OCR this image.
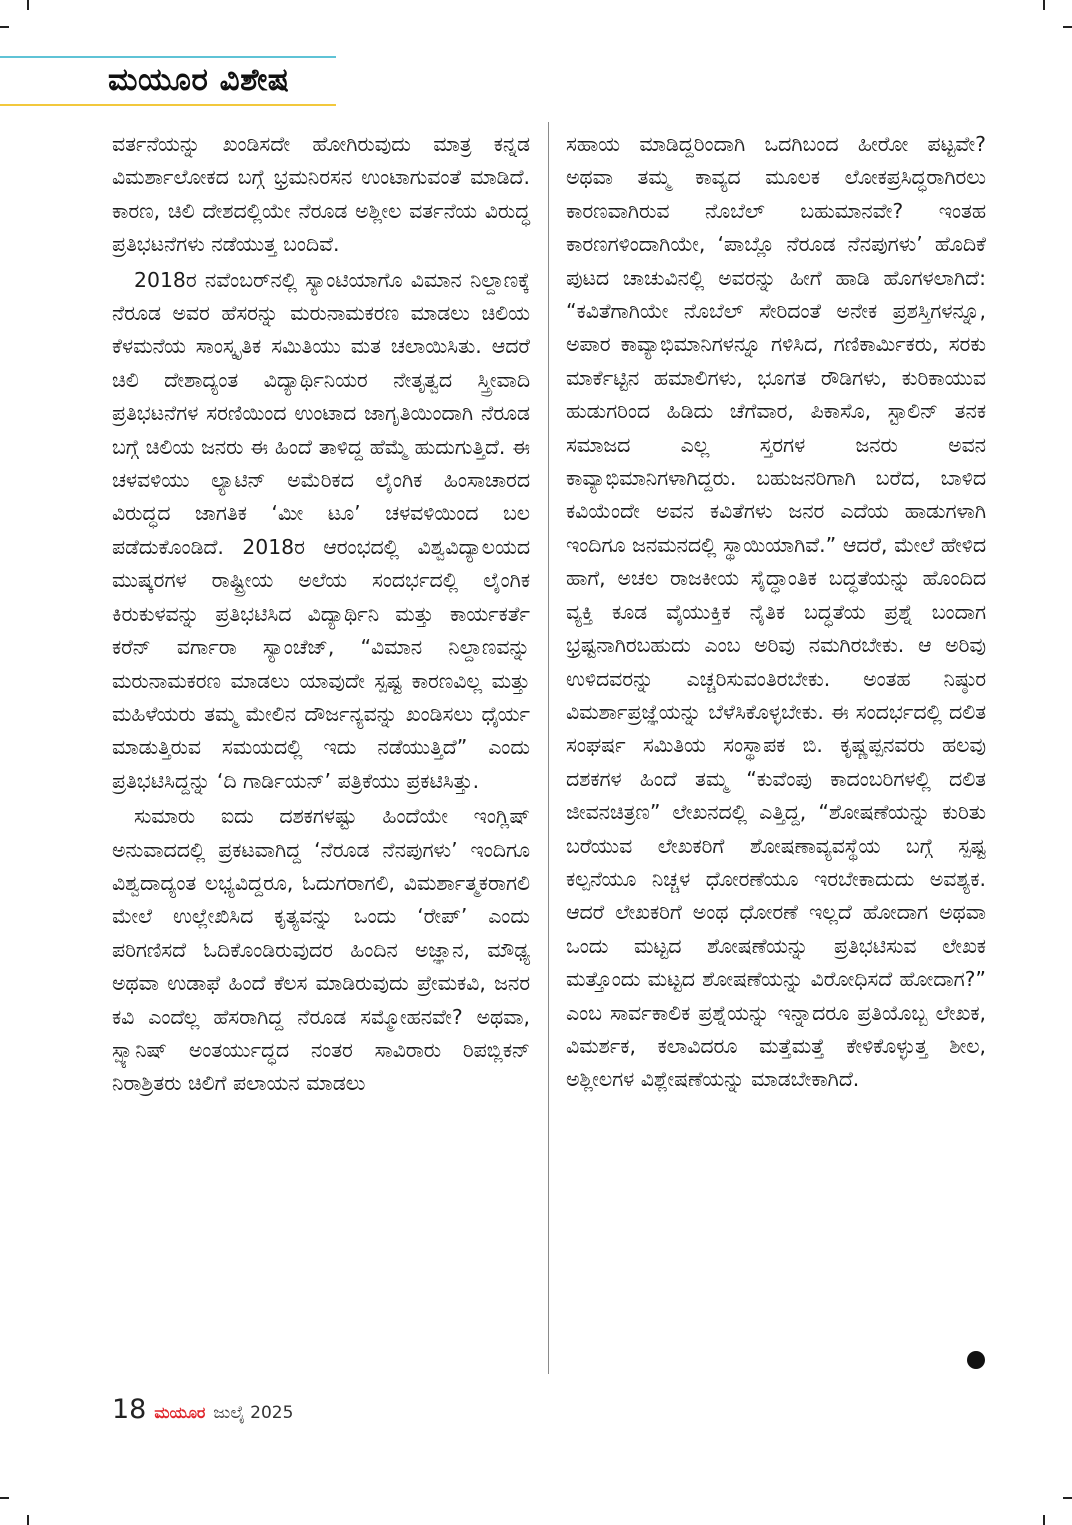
ಮಯೂರ ವಿಶೇಷ

ವರ್ತನೆಯನ್ನು ಖಂಡಿಸದೇ ಹೋಗಿರುವುದು ಮಾತ್ರ ಕನ್ನಡ ವಿಮರ್ಶಾಲೋಕದ ಬಗ್ಗೆ ಭ್ರಮನಿರಸನ ಉಂಟಾಗುವಂತೆ ಮಾಡಿದೆ. ಕಾರಣ, ಚಿಲಿ ದೇಶದಲ್ಲಿಯೇ ನೆರೂಡ ಅಶ್ಲೀಲ ವರ್ತನೆಯ ವಿರುದ್ಧ ಪ್ರತಿಭಟನೆಗಳು ನಡೆಯುತ್ತ ಬಂದಿವೆ.

2018ರ ನವೆಂಬರ್‌ನಲ್ಲಿ ಸ್ಯಾಂಟಿಯಾಗೊ ವಿಮಾನ ನಿಲ್ದಾಣಕ್ಕೆ ನೆರೂಡ ಅವರ ಹೆಸರನ್ನು ಮರುನಾಮಕರಣ ಮಾಡಲು ಚಿಲಿಯ ಕೆಳಮನೆಯ ಸಾಂಸ್ಕೃತಿಕ ಸಮಿತಿಯು ಮತ ಚಲಾಯಿಸಿತು. ಆದರೆ ಚಿಲಿ ದೇಶಾದ್ಯಂತ ವಿದ್ಯಾರ್ಥಿನಿಯರ ನೇತೃತ್ವದ ಸ್ತ್ರೀವಾದಿ ಪ್ರತಿಭಟನೆಗಳ ಸರಣಿಯಿಂದ ಉಂಟಾದ ಜಾಗೃತಿಯಿಂದಾಗಿ ನೆರೂಡ ಬಗ್ಗೆ ಚಿಲಿಯ ಜನರು ಈ ಹಿಂದೆ ತಾಳಿದ್ದ ಹೆಮ್ಮೆ ಹುದುಗುತ್ತಿದೆ. ಈ ಚಳವಳಿಯು ಲ್ಯಾಟಿನ್ ಅಮೆರಿಕದ ಲೈಂಗಿಕ ಹಿಂಸಾಚಾರದ ವಿರುದ್ಧದ ಜಾಗತಿಕ ‘ಮೀ ಟೂ’ ಚಳವಳಿಯಿಂದ ಬಲ ಪಡೆದುಕೊಂಡಿದೆ. 2018ರ ಆರಂಭದಲ್ಲಿ ವಿಶ್ವವಿದ್ಯಾಲಯದ ಮುಷ್ಕರಗಳ ರಾಷ್ಟ್ರೀಯ ಅಲೆಯ ಸಂದರ್ಭದಲ್ಲಿ ಲೈಂಗಿಕ ಕಿರುಕುಳವನ್ನು ಪ್ರತಿಭಟಿಸಿದ ವಿದ್ಯಾರ್ಥಿನಿ ಮತ್ತು ಕಾರ್ಯಕರ್ತೆ ಕರೆನ್ ವರ್ಗಾರಾ ಸ್ಯಾಂಚೆಜ್, “ವಿಮಾನ ನಿಲ್ದಾಣವನ್ನು ಮರುನಾಮಕರಣ ಮಾಡಲು ಯಾವುದೇ ಸ್ಪಷ್ಟ ಕಾರಣವಿಲ್ಲ ಮತ್ತು ಮಹಿಳೆಯರು ತಮ್ಮ ಮೇಲಿನ ದೌರ್ಜನ್ಯವನ್ನು ಖಂಡಿಸಲು ಧೈರ್ಯ ಮಾಡುತ್ತಿರುವ ಸಮಯದಲ್ಲಿ ಇದು ನಡೆಯುತ್ತಿದೆ” ಎಂದು ಪ್ರತಿಭಟಿಸಿದ್ದನ್ನು ‘ದಿ ಗಾರ್ಡಿಯನ್’ ಪತ್ರಿಕೆಯು ಪ್ರಕಟಿಸಿತ್ತು.

ಸುಮಾರು ಐದು ದಶಕಗಳಷ್ಟು ಹಿಂದೆಯೇ ಇಂಗ್ಲಿಷ್ ಅನುವಾದದಲ್ಲಿ ಪ್ರಕಟವಾಗಿದ್ದ ‘ನೆರೂಡ ನೆನಪುಗಳು’ ಇಂದಿಗೂ ವಿಶ್ವದಾದ್ಯಂತ ಲಭ್ಯವಿದ್ದರೂ, ಓದುಗರಾಗಲಿ, ವಿಮರ್ಶಾತ್ಮಕರಾಗಲಿ ಮೇಲೆ ಉಲ್ಲೇಖಿಸಿದ ಕೃತ್ಯವನ್ನು ಒಂದು ‘ರೇಪ್’ ಎಂದು ಪರಿಗಣಿಸದೆ ಓದಿಕೊಂಡಿರುವುದರ ಹಿಂದಿನ ಅಜ್ಞಾನ, ಮೌಢ್ಯ ಅಥವಾ ಉಡಾಫೆ ಹಿಂದೆ ಕೆಲಸ ಮಾಡಿರುವುದು ಪ್ರೇಮಕವಿ, ಜನರ ಕವಿ ಎಂದೆಲ್ಲ ಹೆಸರಾಗಿದ್ದ ನೆರೂಡ ಸಮ್ಮೋಹನವೇ? ಅಥವಾ, ಸ್ಪ್ಯಾನಿಷ್ ಅಂತರ್ಯುದ್ಧದ ನಂತರ ಸಾವಿರಾರು ರಿಪಬ್ಲಿಕನ್ ನಿರಾಶ್ರಿತರು ಚಿಲಿಗೆ ಪಲಾಯನ ಮಾಡಲು

ಸಹಾಯ ಮಾಡಿದ್ದರಿಂದಾಗಿ ಒದಗಿಬಂದ ಹೀರೋ ಪಟ್ಟವೇ? ಅಥವಾ ತಮ್ಮ ಕಾವ್ಯದ ಮೂಲಕ ಲೋಕಪ್ರಸಿದ್ಧರಾಗಿರಲು ಕಾರಣವಾಗಿರುವ ನೊಬೆಲ್ ಬಹುಮಾನವೇ? ಇಂತಹ ಕಾರಣಗಳಿಂದಾಗಿಯೇ, ‘ಪಾಬ್ಲೊ ನೆರೂಡ ನೆನಪುಗಳು’ ಹೊದಿಕೆ ಪುಟದ ಚಾಚುವಿನಲ್ಲಿ ಅವರನ್ನು ಹೀಗೆ ಹಾಡಿ ಹೊಗಳಲಾಗಿದೆ: “ಕವಿತೆಗಾಗಿಯೇ ನೊಬೆಲ್ ಸೇರಿದಂತೆ ಅನೇಕ ಪ್ರಶಸ್ತಿಗಳನ್ನೂ, ಅಪಾರ ಕಾವ್ಯಾಭಿಮಾನಿಗಳನ್ನೂ ಗಳಿಸಿದ, ಗಣಿಕಾರ್ಮಿಕರು, ಸರಕು ಮಾರ್ಕೆಟ್ಟಿನ ಹಮಾಲಿಗಳು, ಭೂಗತ ರೌಡಿಗಳು, ಕುರಿಕಾಯುವ ಹುಡುಗರಿಂದ ಹಿಡಿದು ಚೆಗೆವಾರ, ಪಿಕಾಸೊ, ಸ್ಟಾಲಿನ್ ತನಕ ಸಮಾಜದ ಎಲ್ಲ ಸ್ತರಗಳ ಜನರು ಅವನ ಕಾವ್ಯಾಭಿಮಾನಿಗಳಾಗಿದ್ದರು. ಬಹುಜನರಿಗಾಗಿ ಬರೆದ, ಬಾಳಿದ ಕವಿಯೆಂದೇ ಅವನ ಕವಿತೆಗಳು ಜನರ ಎದೆಯ ಹಾಡುಗಳಾಗಿ ಇಂದಿಗೂ ಜನಮನದಲ್ಲಿ ಸ್ಥಾಯಿಯಾಗಿವೆ.” ಆದರೆ, ಮೇಲೆ ಹೇಳಿದ ಹಾಗೆ, ಅಚಲ ರಾಜಕೀಯ ಸೈದ್ಧಾಂತಿಕ ಬದ್ಧತೆಯನ್ನು ಹೊಂದಿದ ವ್ಯಕ್ತಿ ಕೂಡ ವೈಯುಕ್ತಿಕ ನೈತಿಕ ಬದ್ಧತೆಯ ಪ್ರಶ್ನೆ ಬಂದಾಗ ಭ್ರಷ್ಟನಾಗಿರಬಹುದು ಎಂಬ ಅರಿವು ನಮಗಿರಬೇಕು. ಆ ಅರಿವು ಉಳಿದವರನ್ನು ಎಚ್ಚರಿಸುವಂತಿರಬೇಕು. ಅಂತಹ ನಿಷ್ಠುರ ವಿಮರ್ಶಾಪ್ರಜ್ಞೆಯನ್ನು ಬೆಳೆಸಿಕೊಳ್ಳಬೇಕು. ಈ ಸಂದರ್ಭದಲ್ಲಿ ದಲಿತ ಸಂಘರ್ಷ ಸಮಿತಿಯ ಸಂಸ್ಥಾಪಕ ಬಿ. ಕೃಷ್ಣಪ್ಪನವರು ಹಲವು ದಶಕಗಳ ಹಿಂದೆ ತಮ್ಮ “ಕುವೆಂಪು ಕಾದಂಬರಿಗಳಲ್ಲಿ ದಲಿತ ಜೀವನಚಿತ್ರಣ” ಲೇಖನದಲ್ಲಿ ಎತ್ತಿದ್ದ, “ಶೋಷಣೆಯನ್ನು ಕುರಿತು ಬರೆಯುವ ಲೇಖಕರಿಗೆ ಶೋಷಣಾವ್ಯವಸ್ಥೆಯ ಬಗ್ಗೆ ಸ್ಪಷ್ಟ ಕಲ್ಪನೆಯೂ ನಿಚ್ಚಳ ಧೋರಣೆಯೂ ಇರಬೇಕಾದುದು ಅವಶ್ಯಕ. ಆದರೆ ಲೇಖಕರಿಗೆ ಅಂಥ ಧೋರಣೆ ಇಲ್ಲದೆ ಹೋದಾಗ ಅಥವಾ ಒಂದು ಮಟ್ಟದ ಶೋಷಣೆಯನ್ನು ಪ್ರತಿಭಟಿಸುವ ಲೇಖಕ ಮತ್ತೊಂದು ಮಟ್ಟದ ಶೋಷಣೆಯನ್ನು ವಿರೋಧಿಸದೆ ಹೋದಾಗ?” ಎಂಬ ಸಾರ್ವಕಾಲಿಕ ಪ್ರಶ್ನೆಯನ್ನು ಇನ್ನಾದರೂ ಪ್ರತಿಯೊಬ್ಬ ಲೇಖಕ, ವಿಮರ್ಶಕ, ಕಲಾವಿದರೂ ಮತ್ತೆಮತ್ತೆ ಕೇಳಿಕೊಳ್ಳುತ್ತ ಶೀಲ, ಅಶ್ಲೀಲಗಳ ವಿಶ್ಲೇಷಣೆಯನ್ನು ಮಾಡಬೇಕಾಗಿದೆ.

18 ಮಯೂರ ಜುಲೈ 2025
